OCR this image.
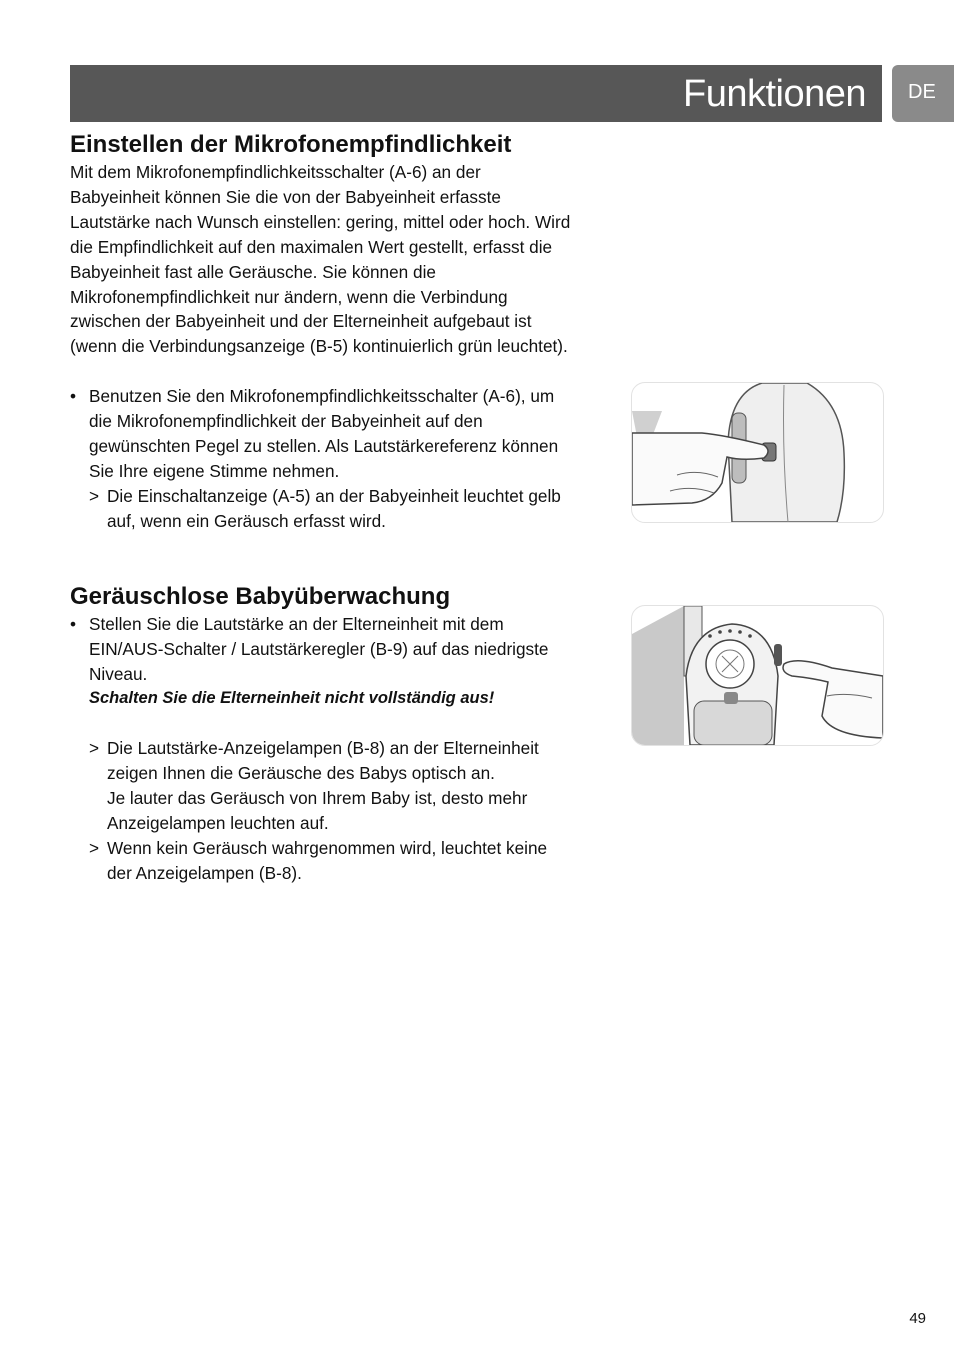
Funktionen DE
Einstellen der Mikrofonempfindlichkeit

Mit dem Mikrofonempfindlichkeitsschalter (A-6) an der

Babyeinheit können Sie die von der Babyeinheit erfasste

Lautstärke nach Wunsch einstellen: gering, mittel oder hoch. Wird

die Empfindlichkeit auf den maximalen Wert gestellt, erfasst die

Babyeinheit fast alle Geräusche. Sie können die

Mikrofonempfindlichkeit nur ändern, wenn die Verbindung

zwischen der Babyeinheit und der Elterneinheit aufgebaut ist

(wenn die Verbindungsanzeige (B-5) kontinuierlich grün leuchtet).

• Benutzen Sie den Mikrofonempfindlichkeitsschalter (A-6), um

die Mikrofonempfindlichkeit der Babyeinheit auf den

gewünschten Pegel zu stellen. Als Lautstärkereferenz können

Sie Ihre eigene Stimme nehmen.

> Die Einschaltanzeige (A-5) an der Babyeinheit leuchtet gelb

auf, wenn ein Geräusch erfasst wird.

Geräuschlose Babyüberwachung
• Stellen Sie die Lautstärke an der Elterneinheit mit dem

EIN/AUS-Schalter / Lautstärkeregler (B-9) auf das niedrigste

Niveau.

Schalten Sie die Elterneinheit nicht vollständig aus!

> Die Lautstärke-Anzeigelampen (B-8) an der Elterneinheit

zeigen Ihnen die Geräusche des Babys optisch an.

Je lauter das Geräusch von Ihrem Baby ist, desto mehr

Anzeigelampen leuchten auf.

> Wenn kein Geräusch wahrgenommen wird, leuchtet keine

der Anzeigelampen (B-8).

49
